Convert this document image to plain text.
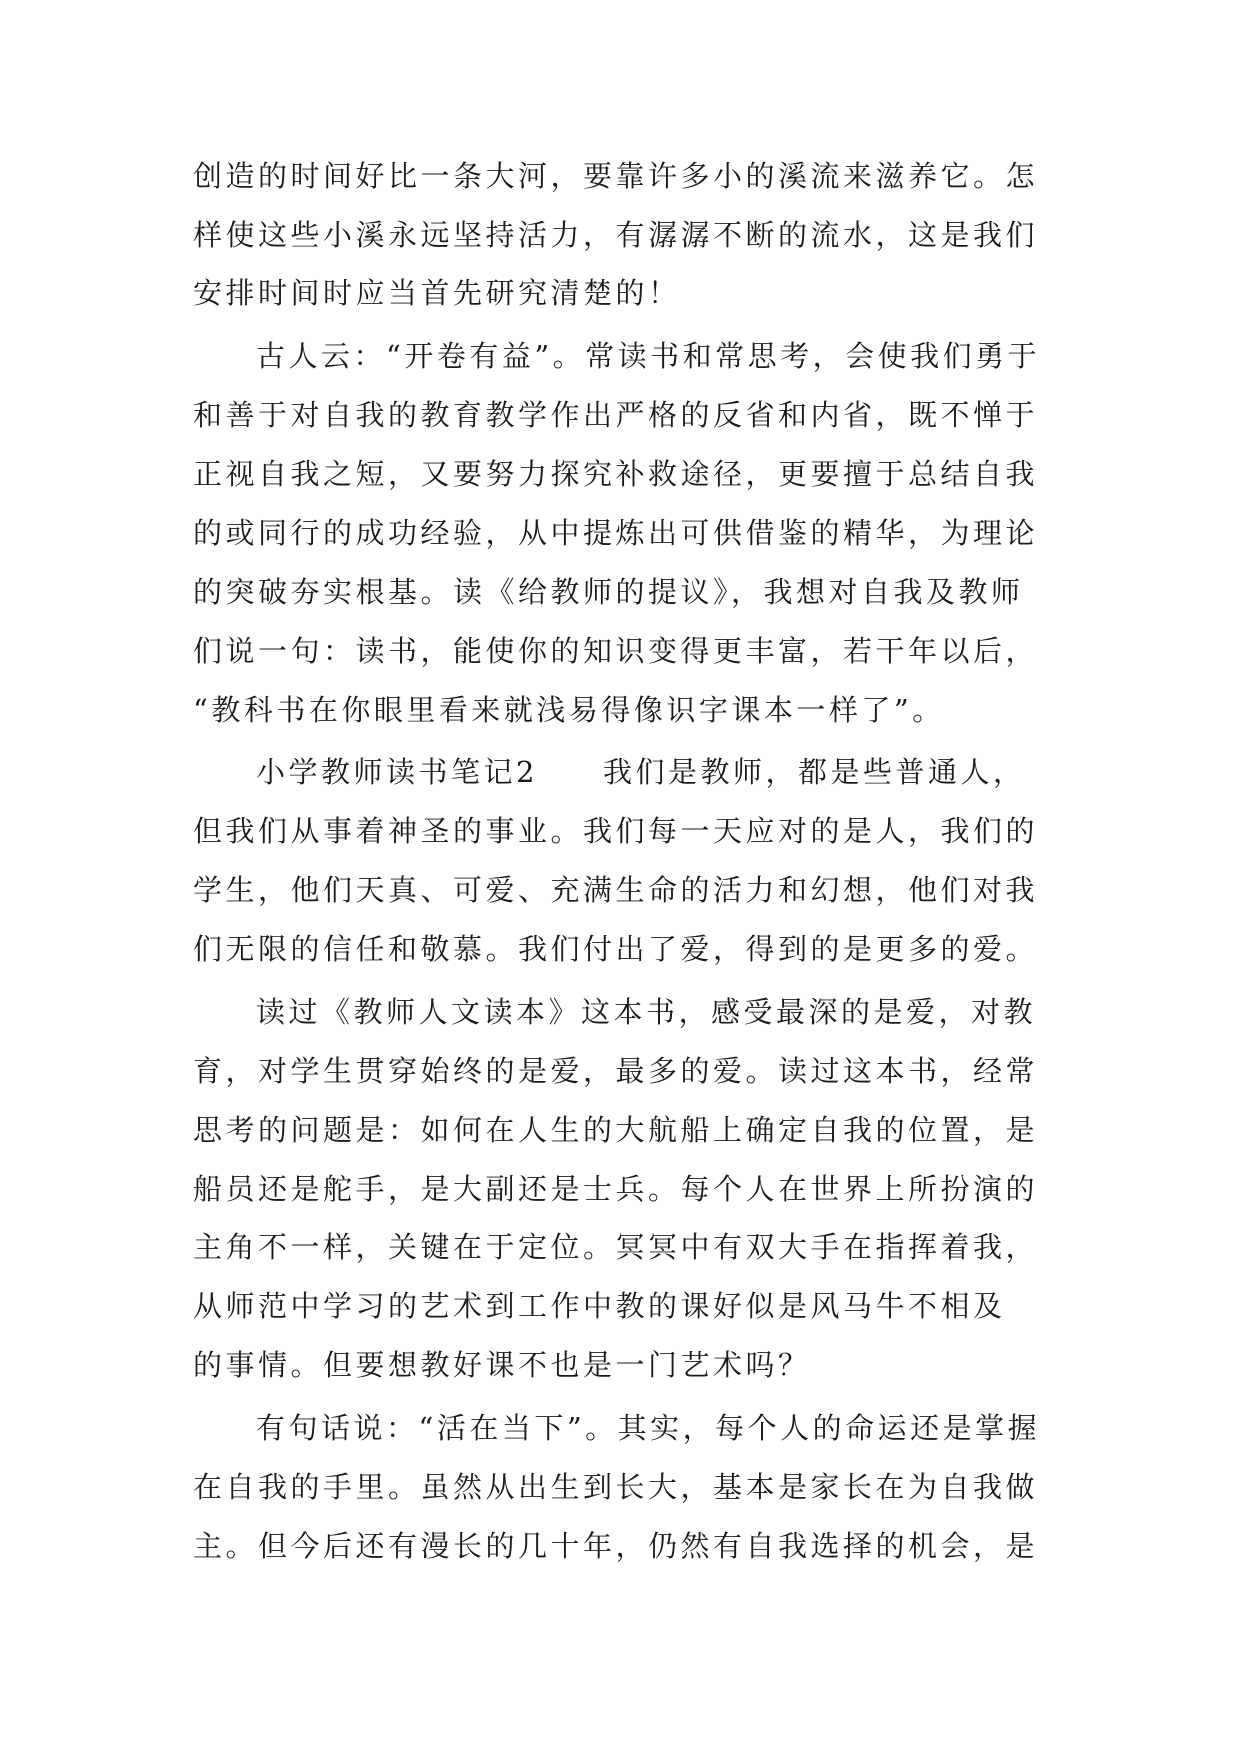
创造的时间好比一条大河，要靠许多小的溪流来滋养它。怎
样使这些小溪永远坚持活力，有潺潺不断的流水，这是我们
安排时间时应当首先研究清楚的！
古人云：“开卷有益”。常读书和常思考，会使我们勇于
和善于对自我的教育教学作出严格的反省和内省，既不惮于
正视自我之短，又要努力探究补救途径，更要擅于总结自我
的或同行的成功经验，从中提炼出可供借鉴的精华，为理论
的突破夯实根基。读《给教师的提议》，我想对自我及教师
们说一句：读书，能使你的知识变得更丰富，若干年以后，
“教科书在你眼里看来就浅易得像识字课本一样了”。
小学教师读书笔记2　　我们是教师，都是些普通人，
但我们从事着神圣的事业。我们每一天应对的是人，我们的
学生，他们天真、可爱、充满生命的活力和幻想，他们对我
们无限的信任和敬慕。我们付出了爱，得到的是更多的爱。
读过《教师人文读本》这本书，感受最深的是爱，对教
育，对学生贯穿始终的是爱，最多的爱。读过这本书，经常
思考的问题是：如何在人生的大航船上确定自我的位置，是
船员还是舵手，是大副还是士兵。每个人在世界上所扮演的
主角不一样，关键在于定位。冥冥中有双大手在指挥着我，
从师范中学习的艺术到工作中教的课好似是风马牛不相及
的事情。但要想教好课不也是一门艺术吗？
有句话说：“活在当下”。其实，每个人的命运还是掌握
在自我的手里。虽然从出生到长大，基本是家长在为自我做
主。但今后还有漫长的几十年，仍然有自我选择的机会，是
